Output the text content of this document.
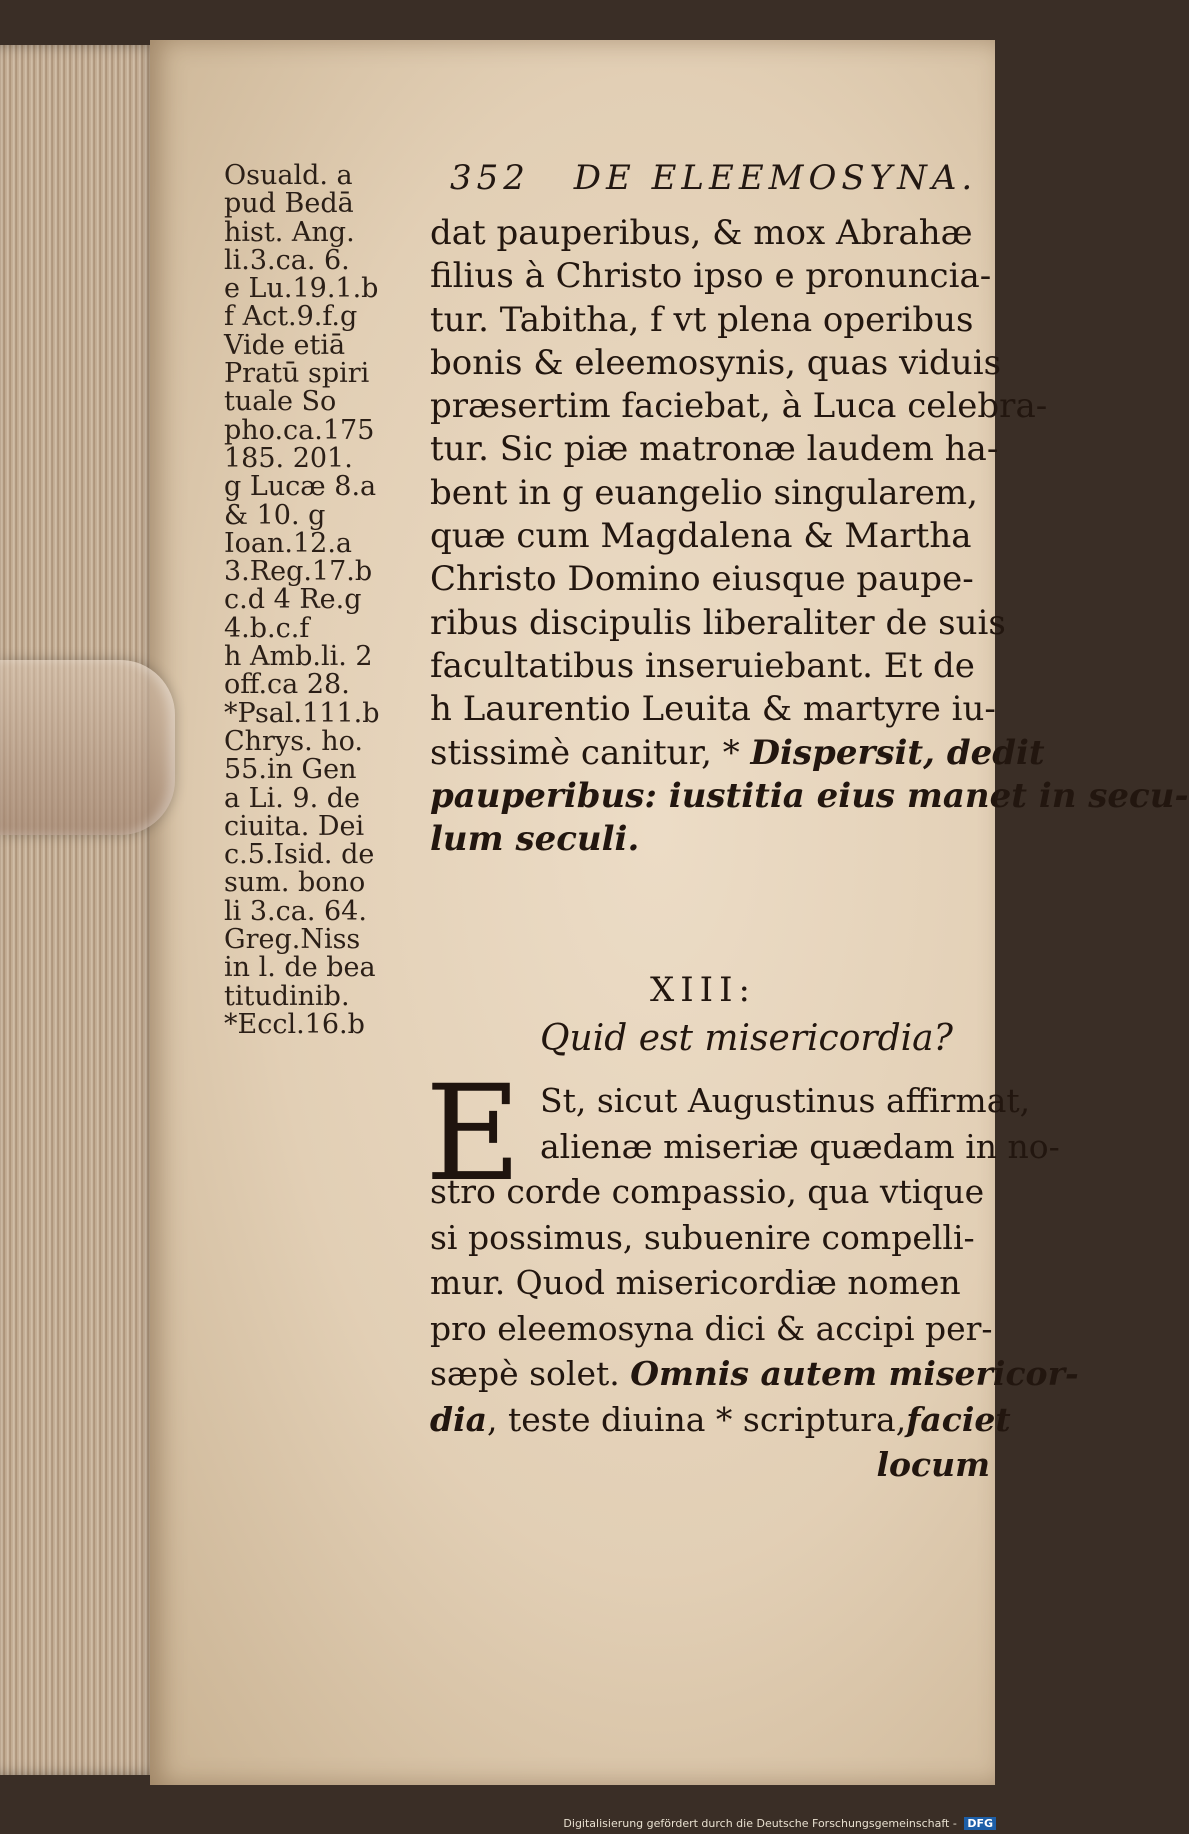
352 DE ELEEMOSYNA.
Osuald. a
pud Bedā
hist. Ang.
li.3.ca. 6.
e Lu.19.1.b
f Act.9.f.g
Vide etiā
Pratū spiri
tuale So
pho.ca.175
185. 201.
g Lucæ 8.a
& 10. g
Ioan.12.a
3.Reg.17.b
c.d 4 Re.g
4.b.c.f
h Amb.li. 2
off.ca 28.
*Psal.111.b
Chrys. ho.
55.in Gen
a Li. 9. de
ciuita. Dei
c.5.Isid. de
sum. bono
li 3.ca. 64.
Greg.Niss
in l. de bea
titudinib.
*Eccl.16.b
dat pauperibus, & mox Abrahæ
filius à Christo ipso e pronuncia-
tur. Tabitha, f vt plena operibus
bonis & eleemosynis, quas viduis
præsertim faciebat, à Luca celebra-
tur. Sic piæ matronæ laudem ha-
bent in g euangelio singularem,
quæ cum Magdalena & Martha
Christo Domino eiusque paupe-
ribus discipulis liberaliter de suis
facultatibus inseruiebant. Et de
h Laurentio Leuita & martyre iu-
stissimè canitur, * Dispersit, dedit
pauperibus: iustitia eius manet in secu-
lum seculi.
XIII:
Quid est misericordia?
E St, sicut Augustinus affirmat,
alienæ miseriæ quædam in no-
stro corde compassio, qua vtique
si possimus, subuenire compelli-
mur. Quod misericordiæ nomen
pro eleemosyna dici & accipi per-
sæpè solet. Omnis autem misericor-
dia, teste diuina * scriptura,faciet
locum
Digitalisierung gefördert durch die Deutsche Forschungsgemeinschaft - DFG
